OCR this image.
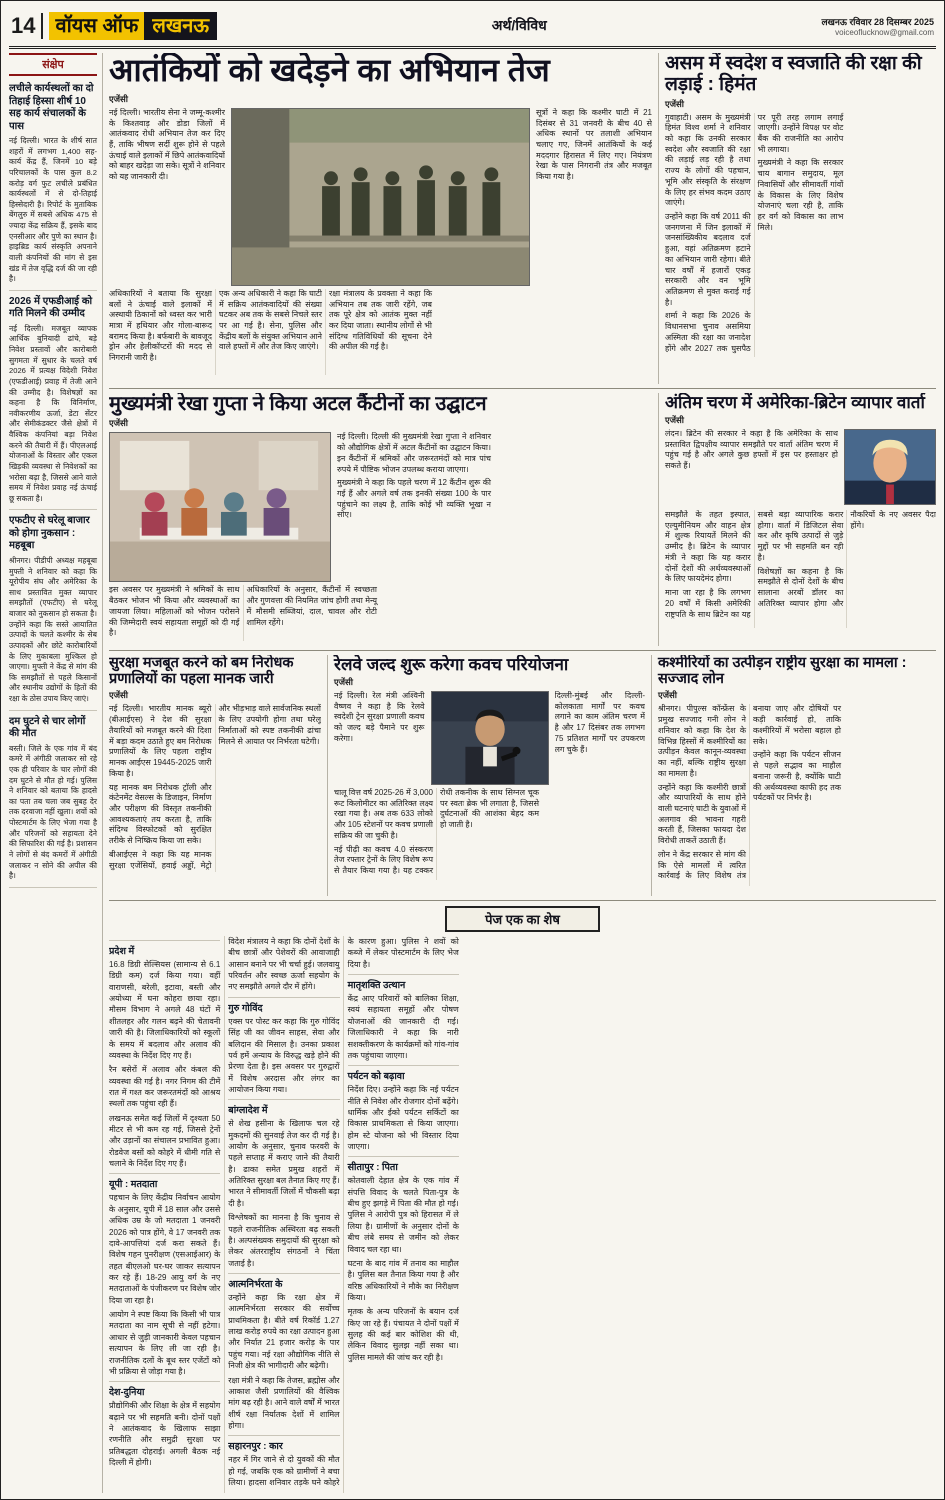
14	वॉयस ऑफ लखनऊ	अर्थ/विविध	लखनऊ रविवार 28 दिसम्बर 2025
voiceoflucknow@gmail.com
संक्षेप
लचीले कार्यस्थलों का दो तिहाई हिस्सा शीर्ष 10 सह कार्य संचालकों के पास

नई दिल्ली। भारत के शीर्ष सात शहरों में लगभग 1,400 सह-कार्य केंद्र हैं, जिनमें 10 बड़े परिचालकों के पास कुल 8.2 करोड़ वर्ग फुट लचीले प्रबंधित कार्यस्थलों में से दो-तिहाई हिस्सेदारी है। रिपोर्ट के मुताबिक बेंगलुरु में सबसे अधिक 475 से ज्यादा केंद्र सक्रिय हैं, इसके बाद एनसीआर और पुणे का स्थान है। हाइब्रिड कार्य संस्कृति अपनाने वाली कंपनियों की मांग से इस खंड में तेज वृद्धि दर्ज की जा रही है।

2026 में एफडीआई को गति मिलने की उम्मीद

नई दिल्ली। मजबूत व्यापक आर्थिक बुनियादी ढांचे, बड़े निवेश प्रस्तावों और कारोबारी सुगमता में सुधार के चलते वर्ष 2026 में प्रत्यक्ष विदेशी निवेश (एफडीआई) प्रवाह में तेजी आने की उम्मीद है। विशेषज्ञों का कहना है कि विनिर्माण, नवीकरणीय ऊर्जा, डेटा सेंटर और सेमीकंडक्टर जैसे क्षेत्रों में वैश्विक कंपनियां बड़ा निवेश करने की तैयारी में हैं। पीएलआई योजनाओं के विस्तार और एकल खिड़की व्यवस्था से निवेशकों का भरोसा बढ़ा है, जिससे आने वाले समय में निवेश प्रवाह नई ऊंचाई छू सकता है।

एफटीए से घरेलू बाजार को होगा नुकसान : महबूबा

श्रीनगर। पीडीपी अध्यक्ष महबूबा मुफ्ती ने शनिवार को कहा कि यूरोपीय संघ और अमेरिका के साथ प्रस्तावित मुक्त व्यापार समझौतों (एफटीए) से घरेलू बाजार को नुकसान हो सकता है। उन्होंने कहा कि सस्ते आयातित उत्पादों के चलते कश्मीर के सेब उत्पादकों और छोटे कारोबारियों के लिए मुकाबला मुश्किल हो जाएगा। मुफ्ती ने केंद्र से मांग की कि समझौतों से पहले किसानों और स्थानीय उद्योगों के हितों की रक्षा के ठोस उपाय किए जाएं।

दम घुटने से चार लोगों की मौत

बस्ती। जिले के एक गांव में बंद कमरे में अंगीठी जलाकर सो रहे एक ही परिवार के चार लोगों की दम घुटने से मौत हो गई। पुलिस ने शनिवार को बताया कि हादसे का पता तब चला जब सुबह देर तक दरवाजा नहीं खुला। शवों को पोस्टमार्टम के लिए भेजा गया है और परिजनों को सहायता देने की सिफारिश की गई है। प्रशासन ने लोगों से बंद कमरों में अंगीठी जलाकर न सोने की अपील की है।

आतंकियों को खदेड़ने का अभियान तेज
एजेंसी

नई दिल्ली। भारतीय सेना ने जम्मू-कश्मीर के किश्तवाड़ और डोडा जिलों में आतंकवाद रोधी अभियान तेज कर दिए हैं, ताकि भीषण सर्दी शुरू होने से पहले ऊंचाई वाले इलाकों में छिपे आतंकवादियों को बाहर खदेड़ा जा सके। सूत्रों ने शनिवार को यह जानकारी दी।

सूत्रों ने कहा कि कश्मीर घाटी में 21 दिसंबर से 31 जनवरी के बीच 40 से अधिक स्थानों पर तलाशी अभियान चलाए गए, जिनमें आतंकियों के कई मददगार हिरासत में लिए गए। नियंत्रण रेखा के पास निगरानी तंत्र और मजबूत किया गया है।

अधिकारियों ने बताया कि सुरक्षा बलों ने ऊंचाई वाले इलाकों में अस्थायी ठिकानों को ध्वस्त कर भारी मात्रा में हथियार और गोला-बारूद बरामद किया है। बर्फबारी के बावजूद ड्रोन और हेलीकॉप्टरों की मदद से निगरानी जारी है।

एक अन्य अधिकारी ने कहा कि घाटी में सक्रिय आतंकवादियों की संख्या घटकर अब तक के सबसे निचले स्तर पर आ गई है। सेना, पुलिस और केंद्रीय बलों के संयुक्त अभियान आने वाले हफ्तों में और तेज किए जाएंगे।

रक्षा मंत्रालय के प्रवक्ता ने कहा कि अभियान तब तक जारी रहेंगे, जब तक पूरे क्षेत्र को आतंक मुक्त नहीं कर दिया जाता। स्थानीय लोगों से भी संदिग्ध गतिविधियों की सूचना देने की अपील की गई है।

असम में स्वदेश व स्वजाति की रक्षा की लड़ाई : हिमंत
एजेंसी

गुवाहाटी। असम के मुख्यमंत्री हिमंत विश्व शर्मा ने शनिवार को कहा कि उनकी सरकार स्वदेश और स्वजाति की रक्षा की लड़ाई लड़ रही है तथा राज्य के लोगों की पहचान, भूमि और संस्कृति के संरक्षण के लिए हर संभव कदम उठाए जाएंगे।

उन्होंने कहा कि वर्ष 2011 की जनगणना में जिन इलाकों में जनसांख्यिकीय बदलाव दर्ज हुआ, वहां अतिक्रमण हटाने का अभियान जारी रहेगा। बीते चार वर्षों में हजारों एकड़ सरकारी और वन भूमि अतिक्रमण से मुक्त कराई गई है।

शर्मा ने कहा कि 2026 के विधानसभा चुनाव असमिया अस्मिता की रक्षा का जनादेश होंगे और 2027 तक घुसपैठ पर पूरी तरह लगाम लगाई जाएगी। उन्होंने विपक्ष पर वोट बैंक की राजनीति का आरोप भी लगाया।

मुख्यमंत्री ने कहा कि सरकार चाय बागान समुदाय, मूल निवासियों और सीमावर्ती गांवों के विकास के लिए विशेष योजनाएं चला रही है, ताकि हर वर्ग को विकास का लाभ मिले।

मुख्यमंत्री रेखा गुप्ता ने किया अटल कैंटीनों का उद्घाटन
एजेंसी

नई दिल्ली। दिल्ली की मुख्यमंत्री रेखा गुप्ता ने शनिवार को औद्योगिक क्षेत्रों में अटल कैंटीनों का उद्घाटन किया। इन कैंटीनों में श्रमिकों और जरूरतमंदों को मात्र पांच रुपये में पौष्टिक भोजन उपलब्ध कराया जाएगा।

मुख्यमंत्री ने कहा कि पहले चरण में 12 कैंटीन शुरू की गई हैं और अगले वर्ष तक इनकी संख्या 100 के पार पहुंचाने का लक्ष्य है, ताकि कोई भी व्यक्ति भूखा न सोए।

इस अवसर पर मुख्यमंत्री ने श्रमिकों के साथ बैठकर भोजन भी किया और व्यवस्थाओं का जायजा लिया। महिलाओं को भोजन परोसने की जिम्मेदारी स्वयं सहायता समूहों को दी गई है।

अधिकारियों के अनुसार, कैंटीनों में स्वच्छता और गुणवत्ता की नियमित जांच होगी तथा मेन्यू में मौसमी सब्जियां, दाल, चावल और रोटी शामिल रहेंगे।

अंतिम चरण में अमेरिका-ब्रिटेन व्यापार वार्ता
एजेंसी

लंदन। ब्रिटेन की सरकार ने कहा है कि अमेरिका के साथ प्रस्तावित द्विपक्षीय व्यापार समझौते पर वार्ता अंतिम चरण में पहुंच गई है और अगले कुछ हफ्तों में इस पर हस्ताक्षर हो सकते हैं।

समझौते के तहत इस्पात, एल्युमीनियम और वाहन क्षेत्र में शुल्क रियायतें मिलने की उम्मीद है। ब्रिटेन के व्यापार मंत्री ने कहा कि यह करार दोनों देशों की अर्थव्यवस्थाओं के लिए फायदेमंद होगा।

माना जा रहा है कि लगभग 20 वर्षों में किसी अमेरिकी राष्ट्रपति के साथ ब्रिटेन का यह सबसे बड़ा व्यापारिक करार होगा। वार्ता में डिजिटल सेवा कर और कृषि उत्पादों से जुड़े मुद्दों पर भी सहमति बन रही है।

विशेषज्ञों का कहना है कि समझौते से दोनों देशों के बीच सालाना अरबों डॉलर का अतिरिक्त व्यापार होगा और नौकरियों के नए अवसर पैदा होंगे।

सुरक्षा मजबूत करने को बम निरोधक प्रणालियों का पहला मानक जारी
एजेंसी

नई दिल्ली। भारतीय मानक ब्यूरो (बीआईएस) ने देश की सुरक्षा तैयारियों को मजबूत करने की दिशा में बड़ा कदम उठाते हुए बम निरोधक प्रणालियों के लिए पहला राष्ट्रीय मानक आईएस 19445-2025 जारी किया है।

यह मानक बम निरोधक ट्रॉली और कंटेनमेंट वेसल्स के डिजाइन, निर्माण और परीक्षण की विस्तृत तकनीकी आवश्यकताएं तय करता है, ताकि संदिग्ध विस्फोटकों को सुरक्षित तरीके से निष्क्रिय किया जा सके।

बीआईएस ने कहा कि यह मानक सुरक्षा एजेंसियों, हवाई अड्डों, मेट्रो और भीड़भाड़ वाले सार्वजनिक स्थलों के लिए उपयोगी होगा तथा घरेलू निर्माताओं को स्पष्ट तकनीकी ढांचा मिलने से आयात पर निर्भरता घटेगी।

रेलवे जल्द शुरू करेगा कवच परियोजना
एजेंसी

नई दिल्ली। रेल मंत्री अश्विनी वैष्णव ने कहा है कि रेलवे स्वदेशी ट्रेन सुरक्षा प्रणाली कवच को जल्द बड़े पैमाने पर शुरू करेगा।

दिल्ली-मुंबई और दिल्ली-कोलकाता मार्गों पर कवच लगाने का काम अंतिम चरण में है और 17 दिसंबर तक लगभग 75 प्रतिशत मार्गों पर उपकरण लग चुके हैं।

चालू वित्त वर्ष 2025-26 में 3,000 रूट किलोमीटर का अतिरिक्त लक्ष्य रखा गया है। अब तक 633 लोको और 105 स्टेशनों पर कवच प्रणाली सक्रिय की जा चुकी है।

नई पीढ़ी का कवच 4.0 संस्करण तेज रफ्तार ट्रेनों के लिए विशेष रूप से तैयार किया गया है। यह टक्कर रोधी तकनीक के साथ सिग्नल चूक पर स्वतः ब्रेक भी लगाता है, जिससे दुर्घटनाओं की आशंका बेहद कम हो जाती है।

कश्मीरियों का उत्पीड़न राष्ट्रीय सुरक्षा का मामला : सज्जाद लोन
एजेंसी

श्रीनगर। पीपुल्स कॉन्फ्रेंस के प्रमुख सज्जाद गनी लोन ने शनिवार को कहा कि देश के विभिन्न हिस्सों में कश्मीरियों का उत्पीड़न केवल कानून-व्यवस्था का नहीं, बल्कि राष्ट्रीय सुरक्षा का मामला है।

उन्होंने कहा कि कश्मीरी छात्रों और व्यापारियों के साथ होने वाली घटनाएं घाटी के युवाओं में अलगाव की भावना गहरी करती हैं, जिसका फायदा देश विरोधी ताकतें उठाती हैं।

लोन ने केंद्र सरकार से मांग की कि ऐसे मामलों में त्वरित कार्रवाई के लिए विशेष तंत्र बनाया जाए और दोषियों पर कड़ी कार्रवाई हो, ताकि कश्मीरियों में भरोसा बहाल हो सके।

उन्होंने कहा कि पर्यटन सीजन से पहले सद्भाव का माहौल बनाना जरूरी है, क्योंकि घाटी की अर्थव्यवस्था काफी हद तक पर्यटकों पर निर्भर है।

पेज एक का शेष
प्रदेश में
16.8 डिग्री सेल्सियस (सामान्य से 6.1 डिग्री कम) दर्ज किया गया। वहीं वाराणसी, बरेली, इटावा, बस्ती और अयोध्या में घना कोहरा छाया रहा। मौसम विभाग ने अगले 48 घंटों में शीतलहर और गलन बढ़ने की चेतावनी जारी की है। जिलाधिकारियों को स्कूलों के समय में बदलाव और अलाव की व्यवस्था के निर्देश दिए गए हैं।
रैन बसेरों में अलाव और कंबल की व्यवस्था की गई है। नगर निगम की टीमें रात में गश्त कर जरूरतमंदों को आश्रय स्थलों तक पहुंचा रही हैं।
लखनऊ समेत कई जिलों में दृश्यता 50 मीटर से भी कम रह गई, जिससे ट्रेनों और उड़ानों का संचालन प्रभावित हुआ। रोडवेज बसों को कोहरे में धीमी गति से चलाने के निर्देश दिए गए हैं।
यूपी : मतदाता
पहचान के लिए केंद्रीय निर्वाचन आयोग के अनुसार, यूपी में 18 साल और उससे अधिक उम्र के जो मतदाता 1 जनवरी 2026 को पात्र होंगे, वे 17 जनवरी तक दावे-आपत्तियां दर्ज करा सकते हैं। विशेष गहन पुनरीक्षण (एसआईआर) के तहत बीएलओ घर-घर जाकर सत्यापन कर रहे हैं। 18-29 आयु वर्ग के नए मतदाताओं के पंजीकरण पर विशेष जोर दिया जा रहा है।
आयोग ने स्पष्ट किया कि किसी भी पात्र मतदाता का नाम सूची से नहीं हटेगा। आधार से जुड़ी जानकारी केवल पहचान सत्यापन के लिए ली जा रही है। राजनीतिक दलों के बूथ स्तर एजेंटों को भी प्रक्रिया से जोड़ा गया है।
देश-दुनिया
प्रौद्योगिकी और शिक्षा के क्षेत्र में सहयोग बढ़ाने पर भी सहमति बनी। दोनों पक्षों ने आतंकवाद के खिलाफ साझा रणनीति और समुद्री सुरक्षा पर प्रतिबद्धता दोहराई। अगली बैठक नई दिल्ली में होगी।
विदेश मंत्रालय ने कहा कि दोनों देशों के बीच छात्रों और पेशेवरों की आवाजाही आसान बनाने पर भी चर्चा हुई। जलवायु परिवर्तन और स्वच्छ ऊर्जा सहयोग के नए समझौते अगले दौर में होंगे।
गुरु गोविंद
एक्स पर पोस्ट कर कहा कि गुरु गोविंद सिंह जी का जीवन साहस, सेवा और बलिदान की मिसाल है। उनका प्रकाश पर्व हमें अन्याय के विरुद्ध खड़े होने की प्रेरणा देता है। इस अवसर पर गुरुद्वारों में विशेष अरदास और लंगर का आयोजन किया गया।
बांग्लादेश में
से शेख हसीना के खिलाफ चल रहे मुकदमों की सुनवाई तेज कर दी गई है। आयोग के अनुसार, चुनाव फरवरी के पहले सप्ताह में कराए जाने की तैयारी है। ढाका समेत प्रमुख शहरों में अतिरिक्त सुरक्षा बल तैनात किए गए हैं। भारत ने सीमावर्ती जिलों में चौकसी बढ़ा दी है।
विश्लेषकों का मानना है कि चुनाव से पहले राजनीतिक अस्थिरता बढ़ सकती है। अल्पसंख्यक समुदायों की सुरक्षा को लेकर अंतरराष्ट्रीय संगठनों ने चिंता जताई है।
आत्मनिर्भरता के
उन्होंने कहा कि रक्षा क्षेत्र में आत्मनिर्भरता सरकार की सर्वोच्च प्राथमिकता है। बीते वर्ष रिकॉर्ड 1.27 लाख करोड़ रुपये का रक्षा उत्पादन हुआ और निर्यात 21 हजार करोड़ के पार पहुंच गया। नई रक्षा औद्योगिक नीति से निजी क्षेत्र की भागीदारी और बढ़ेगी।
रक्षा मंत्री ने कहा कि तेजस, ब्रह्मोस और आकाश जैसी प्रणालियों की वैश्विक मांग बढ़ रही है। आने वाले वर्षों में भारत शीर्ष रक्षा निर्यातक देशों में शामिल होगा।
सहारनपुर : कार
नहर में गिर जाने से दो युवकों की मौत हो गई, जबकि एक को ग्रामीणों ने बचा लिया। हादसा शनिवार तड़के घने कोहरे के कारण हुआ। पुलिस ने शवों को कब्जे में लेकर पोस्टमार्टम के लिए भेज दिया है।
मातृशक्ति उत्थान
केंद्र आए परिवारों को बालिका शिक्षा, स्वयं सहायता समूहों और पोषण योजनाओं की जानकारी दी गई। जिलाधिकारी ने कहा कि नारी सशक्तीकरण के कार्यक्रमों को गांव-गांव तक पहुंचाया जाएगा।
पर्यटन को बढ़ावा
निर्देश दिए। उन्होंने कहा कि नई पर्यटन नीति से निवेश और रोजगार दोनों बढ़ेंगे। धार्मिक और ईको पर्यटन सर्किटों का विकास प्राथमिकता से किया जाएगा। होम स्टे योजना को भी विस्तार दिया जाएगा।
सीतापुर : पिता
कोतवाली देहात क्षेत्र के एक गांव में संपत्ति विवाद के चलते पिता-पुत्र के बीच हुए झगड़े में पिता की मौत हो गई। पुलिस ने आरोपी पुत्र को हिरासत में ले लिया है। ग्रामीणों के अनुसार दोनों के बीच लंबे समय से जमीन को लेकर विवाद चल रहा था।
घटना के बाद गांव में तनाव का माहौल है। पुलिस बल तैनात किया गया है और वरिष्ठ अधिकारियों ने मौके का निरीक्षण किया।
मृतक के अन्य परिजनों के बयान दर्ज किए जा रहे हैं। पंचायत ने दोनों पक्षों में सुलह की कई बार कोशिश की थी, लेकिन विवाद सुलझ नहीं सका था। पुलिस मामले की जांच कर रही है।
